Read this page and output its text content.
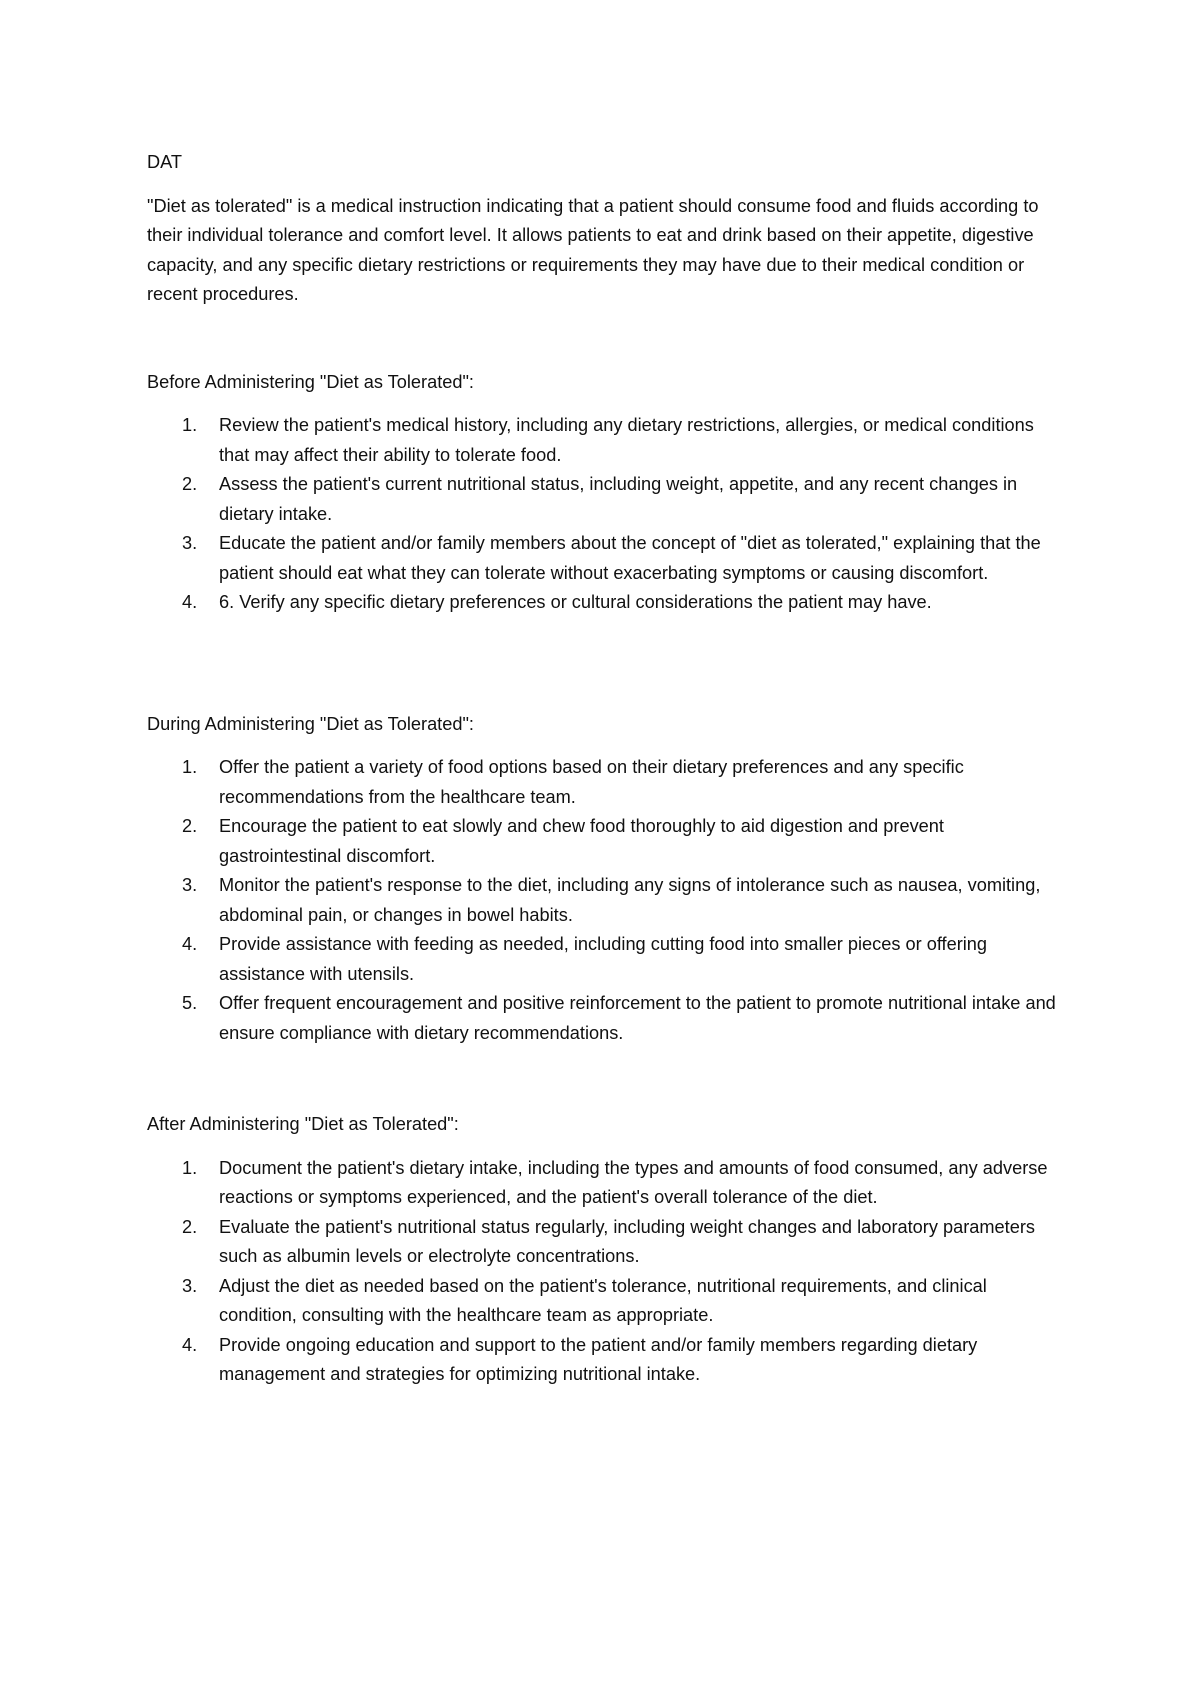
DAT

"Diet as tolerated" is a medical instruction indicating that a patient should consume food and fluids according to their individual tolerance and comfort level. It allows patients to eat and drink based on their appetite, digestive capacity, and any specific dietary restrictions or requirements they may have due to their medical condition or recent procedures.

Before Administering "Diet as Tolerated":

1. Review the patient's medical history, including any dietary restrictions, allergies, or medical conditions that may affect their ability to tolerate food.
2. Assess the patient's current nutritional status, including weight, appetite, and any recent changes in dietary intake.
3. Educate the patient and/or family members about the concept of "diet as tolerated," explaining that the patient should eat what they can tolerate without exacerbating symptoms or causing discomfort.
4. 6. Verify any specific dietary preferences or cultural considerations the patient may have.

During Administering "Diet as Tolerated":

1. Offer the patient a variety of food options based on their dietary preferences and any specific recommendations from the healthcare team.
2. Encourage the patient to eat slowly and chew food thoroughly to aid digestion and prevent gastrointestinal discomfort.
3. Monitor the patient's response to the diet, including any signs of intolerance such as nausea, vomiting, abdominal pain, or changes in bowel habits.
4. Provide assistance with feeding as needed, including cutting food into smaller pieces or offering assistance with utensils.
5. Offer frequent encouragement and positive reinforcement to the patient to promote nutritional intake and ensure compliance with dietary recommendations.

After Administering "Diet as Tolerated":

1. Document the patient's dietary intake, including the types and amounts of food consumed, any adverse reactions or symptoms experienced, and the patient's overall tolerance of the diet.
2. Evaluate the patient's nutritional status regularly, including weight changes and laboratory parameters such as albumin levels or electrolyte concentrations.
3. Adjust the diet as needed based on the patient's tolerance, nutritional requirements, and clinical condition, consulting with the healthcare team as appropriate.
4. Provide ongoing education and support to the patient and/or family members regarding dietary management and strategies for optimizing nutritional intake.
